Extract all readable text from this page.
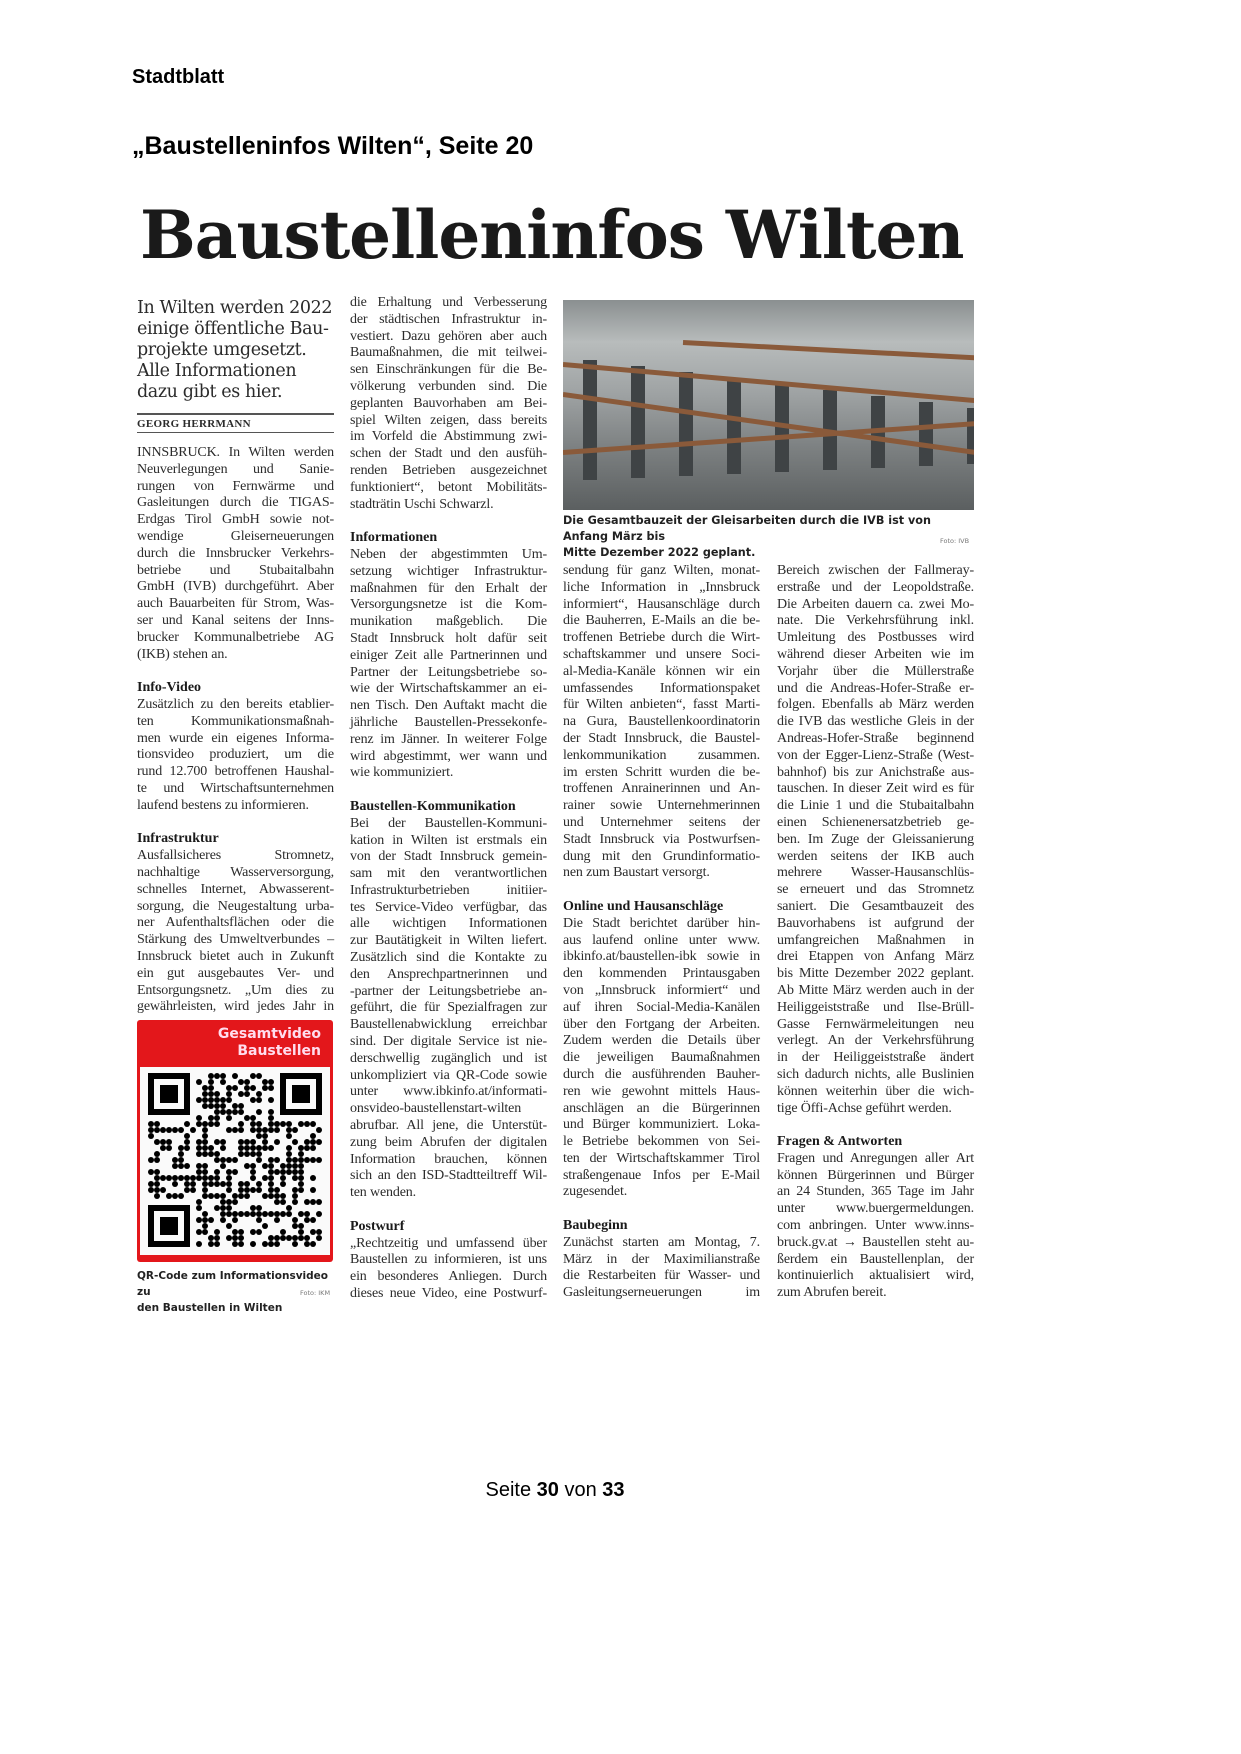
Stadtblatt
„Baustelleninfos Wilten“, Seite 20
Baustelleninfos Wilten
In Wilten werden 2022
einige öffentliche Bau-
projekte umgesetzt.
Alle Informationen
dazu gibt es hier.
GEORG HERRMANN
INNSBRUCK. In Wilten werden
Neuverlegungen und Sanie-
rungen von Fernwärme und
Gasleitungen durch die TIGAS-
Erdgas Tirol GmbH sowie not-
wendige Gleiserneuerungen
durch die Innsbrucker Verkehrs-
betriebe und Stubaitalbahn
GmbH (IVB) durchgeführt. Aber
auch Bauarbeiten für Strom, Was-
ser und Kanal seitens der Inns-
brucker Kommunalbetriebe AG
(IKB) stehen an.
Info-Video
Zusätzlich zu den bereits etablier-
ten Kommunikationsmaßnah-
men wurde ein eigenes Informa-
tionsvideo produziert, um die
rund 12.700 betroffenen Haushal-
te und Wirtschaftsunternehmen
laufend bestens zu informieren.
Infrastruktur
Ausfallsicheres Stromnetz,
nachhaltige Wasserversorgung,
schnelles Internet, Abwasserent-
sorgung, die Neugestaltung urba-
ner Aufenthaltsflächen oder die
Stärkung des Umweltverbundes –
Innsbruck bietet auch in Zukunft
ein gut ausgebautes Ver- und
Entsorgungsnetz. „Um dies zu
gewährleisten, wird jedes Jahr in
die Erhaltung und Verbesserung
der städtischen Infrastruktur in-
vestiert. Dazu gehören aber auch
Baumaßnahmen, die mit teilwei-
sen Einschränkungen für die Be-
völkerung verbunden sind. Die
geplanten Bauvorhaben am Bei-
spiel Wilten zeigen, dass bereits
im Vorfeld die Abstimmung zwi-
schen der Stadt und den ausfüh-
renden Betrieben ausgezeichnet
funktioniert“, betont Mobilitäts-
stadträtin Uschi Schwarzl.
Informationen
Neben der abgestimmten Um-
setzung wichtiger Infrastruktur-
maßnahmen für den Erhalt der
Versorgungsnetze ist die Kom-
munikation maßgeblich. Die
Stadt Innsbruck holt dafür seit
einiger Zeit alle Partnerinnen und
Partner der Leitungsbetriebe so-
wie der Wirtschaftskammer an ei-
nen Tisch. Den Auftakt macht die
jährliche Baustellen-Pressekonfe-
renz im Jänner. In weiterer Folge
wird abgestimmt, wer wann und
wie kommuniziert.
Baustellen-Kommunikation
Bei der Baustellen-Kommuni-
kation in Wilten ist erstmals ein
von der Stadt Innsbruck gemein-
sam mit den verantwortlichen
Infrastrukturbetrieben initiier-
tes Service-Video verfügbar, das
alle wichtigen Informationen
zur Bautätigkeit in Wilten liefert.
Zusätzlich sind die Kontakte zu
den Ansprechpartnerinnen und
-partner der Leitungsbetriebe an-
geführt, die für Spezialfragen zur
Baustellenabwicklung erreichbar
sind. Der digitale Service ist nie-
derschwellig zugänglich und ist
unkompliziert via QR-Code sowie
unter www.ibkinfo.at/informati-
onsvideo-baustellenstart-wilten
abrufbar. All jene, die Unterstüt-
zung beim Abrufen der digitalen
Information brauchen, können
sich an den ISD-Stadtteiltreff Wil-
ten wenden.
Postwurf
„Rechtzeitig und umfassend über
Baustellen zu informieren, ist uns
ein besonderes Anliegen. Durch
dieses neue Video, eine Postwurf-
sendung für ganz Wilten, monat-
liche Information in „Innsbruck
informiert“, Hausanschläge durch
die Bauherren, E-Mails an die be-
troffenen Betriebe durch die Wirt-
schaftskammer und unsere Soci-
al-Media-Kanäle können wir ein
umfassendes Informationspaket
für Wilten anbieten“, fasst Marti-
na Gura, Baustellenkoordinatorin
der Stadt Innsbruck, die Baustel-
lenkommunikation zusammen.
im ersten Schritt wurden die be-
troffenen Anrainerinnen und An-
rainer sowie Unternehmerinnen
und Unternehmer seitens der
Stadt Innsbruck via Postwurfsen-
dung mit den Grundinformatio-
nen zum Baustart versorgt.
Online und Hausanschläge
Die Stadt berichtet darüber hin-
aus laufend online unter www.
ibkinfo.at/baustellen-ibk sowie in
den kommenden Printausgaben
von „Innsbruck informiert“ und
auf ihren Social-Media-Kanälen
über den Fortgang der Arbeiten.
Zudem werden die Details über
die jeweiligen Baumaßnahmen
durch die ausführenden Bauher-
ren wie gewohnt mittels Haus-
anschlägen an die Bürgerinnen
und Bürger kommuniziert. Loka-
le Betriebe bekommen von Sei-
ten der Wirtschaftskammer Tirol
straßengenaue Infos per E-Mail
zugesendet.
Baubeginn
Zunächst starten am Montag, 7.
März in der Maximilianstraße
die Restarbeiten für Wasser- und
Gasleitungserneuerungen im
Bereich zwischen der Fallmeray-
erstraße und der Leopoldstraße.
Die Arbeiten dauern ca. zwei Mo-
nate. Die Verkehrsführung inkl.
Umleitung des Postbusses wird
während dieser Arbeiten wie im
Vorjahr über die Müllerstraße
und die Andreas-Hofer-Straße er-
folgen. Ebenfalls ab März werden
die IVB das westliche Gleis in der
Andreas-Hofer-Straße beginnend
von der Egger-Lienz-Straße (West-
bahnhof) bis zur Anichstraße aus-
tauschen. In dieser Zeit wird es für
die Linie 1 und die Stubaitalbahn
einen Schienenersatzbetrieb ge-
ben. Im Zuge der Gleissanierung
werden seitens der IKB auch
mehrere Wasser-Hausanschlüs-
se erneuert und das Stromnetz
saniert. Die Gesamtbauzeit des
Bauvorhabens ist aufgrund der
umfangreichen Maßnahmen in
drei Etappen von Anfang März
bis Mitte Dezember 2022 geplant.
Ab Mitte März werden auch in der
Heiliggeiststraße und Ilse-Brüll-
Gasse Fernwärmeleitungen neu
verlegt. An der Verkehrsführung
in der Heiliggeiststraße ändert
sich dadurch nichts, alle Buslinien
können weiterhin über die wich-
tige Öffi-Achse geführt werden.
Fragen & Antworten
Fragen und Anregungen aller Art
können Bürgerinnen und Bürger
an 24 Stunden, 365 Tage im Jahr
unter www.buergermeldungen.
com anbringen. Unter www.inns-
bruck.gv.at → Baustellen steht au-
ßerdem ein Baustellenplan, der
kontinuierlich aktualisiert wird,
zum Abrufen bereit.
Die Gesamtbauzeit der Gleisarbeiten durch die IVB ist von Anfang März bis
Mitte Dezember 2022 geplant.
Foto: IVB
Gesamtvideo
Baustellen
QR-Code zum Informationsvideo zu
den Baustellen in Wilten
Foto: IKM
Seite 30 von 33
